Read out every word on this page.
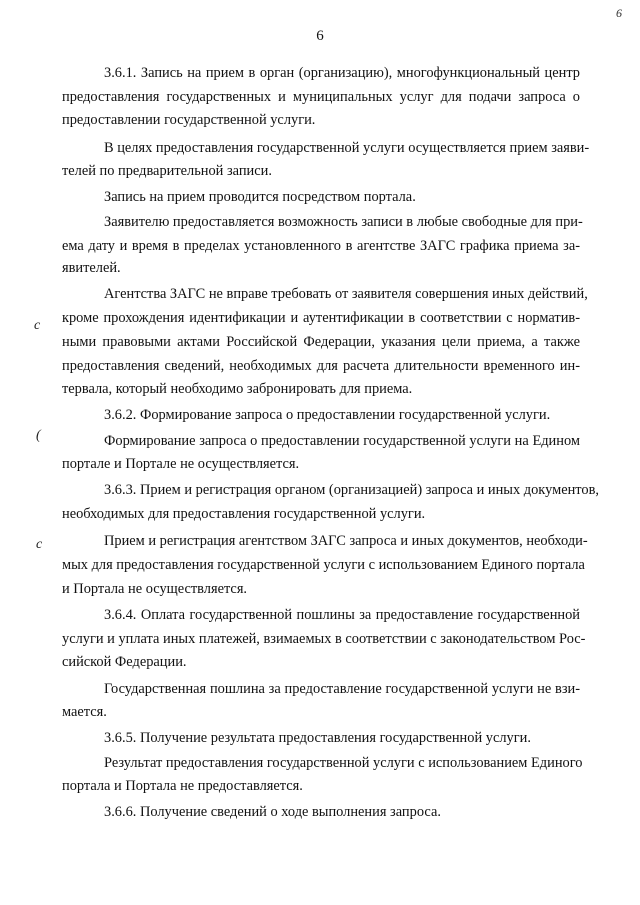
6
6
c
(
c
3.6.1. Запись на прием в орган (организацию), многофункциональный центр
предоставления государственных и муниципальных услуг для подачи запроса о
предоставлении государственной услуги.
В целях предоставления государственной услуги осуществляется прием заяви-
телей по предварительной записи.
Запись на прием проводится посредством портала.
Заявителю предоставляется возможность записи в любые свободные для при-
ема дату и время в пределах установленного в агентстве ЗАГС графика приема за-
явителей.
Агентства ЗАГС не вправе требовать от заявителя совершения иных действий,
кроме прохождения идентификации и аутентификации в соответствии с норматив-
ными правовыми актами Российской Федерации, указания цели приема, а также
предоставления сведений, необходимых для расчета длительности временного ин-
тервала, который необходимо забронировать для приема.
3.6.2. Формирование запроса о предоставлении государственной услуги.
Формирование запроса о предоставлении государственной услуги на Едином
портале и Портале не осуществляется.
3.6.3. Прием и регистрация органом (организацией) запроса и иных документов,
необходимых для предоставления государственной услуги.
Прием и регистрация агентством ЗАГС запроса и иных документов, необходи-
мых для предоставления государственной услуги с использованием Единого портала
и Портала не осуществляется.
3.6.4. Оплата государственной пошлины за предоставление государственной
услуги и уплата иных платежей, взимаемых в соответствии с законодательством Рос-
сийской Федерации.
Государственная пошлина за предоставление государственной услуги не взи-
мается.
3.6.5. Получение результата предоставления государственной услуги.
Результат предоставления государственной услуги с использованием Единого
портала и Портала не предоставляется.
3.6.6. Получение сведений о ходе выполнения запроса.
